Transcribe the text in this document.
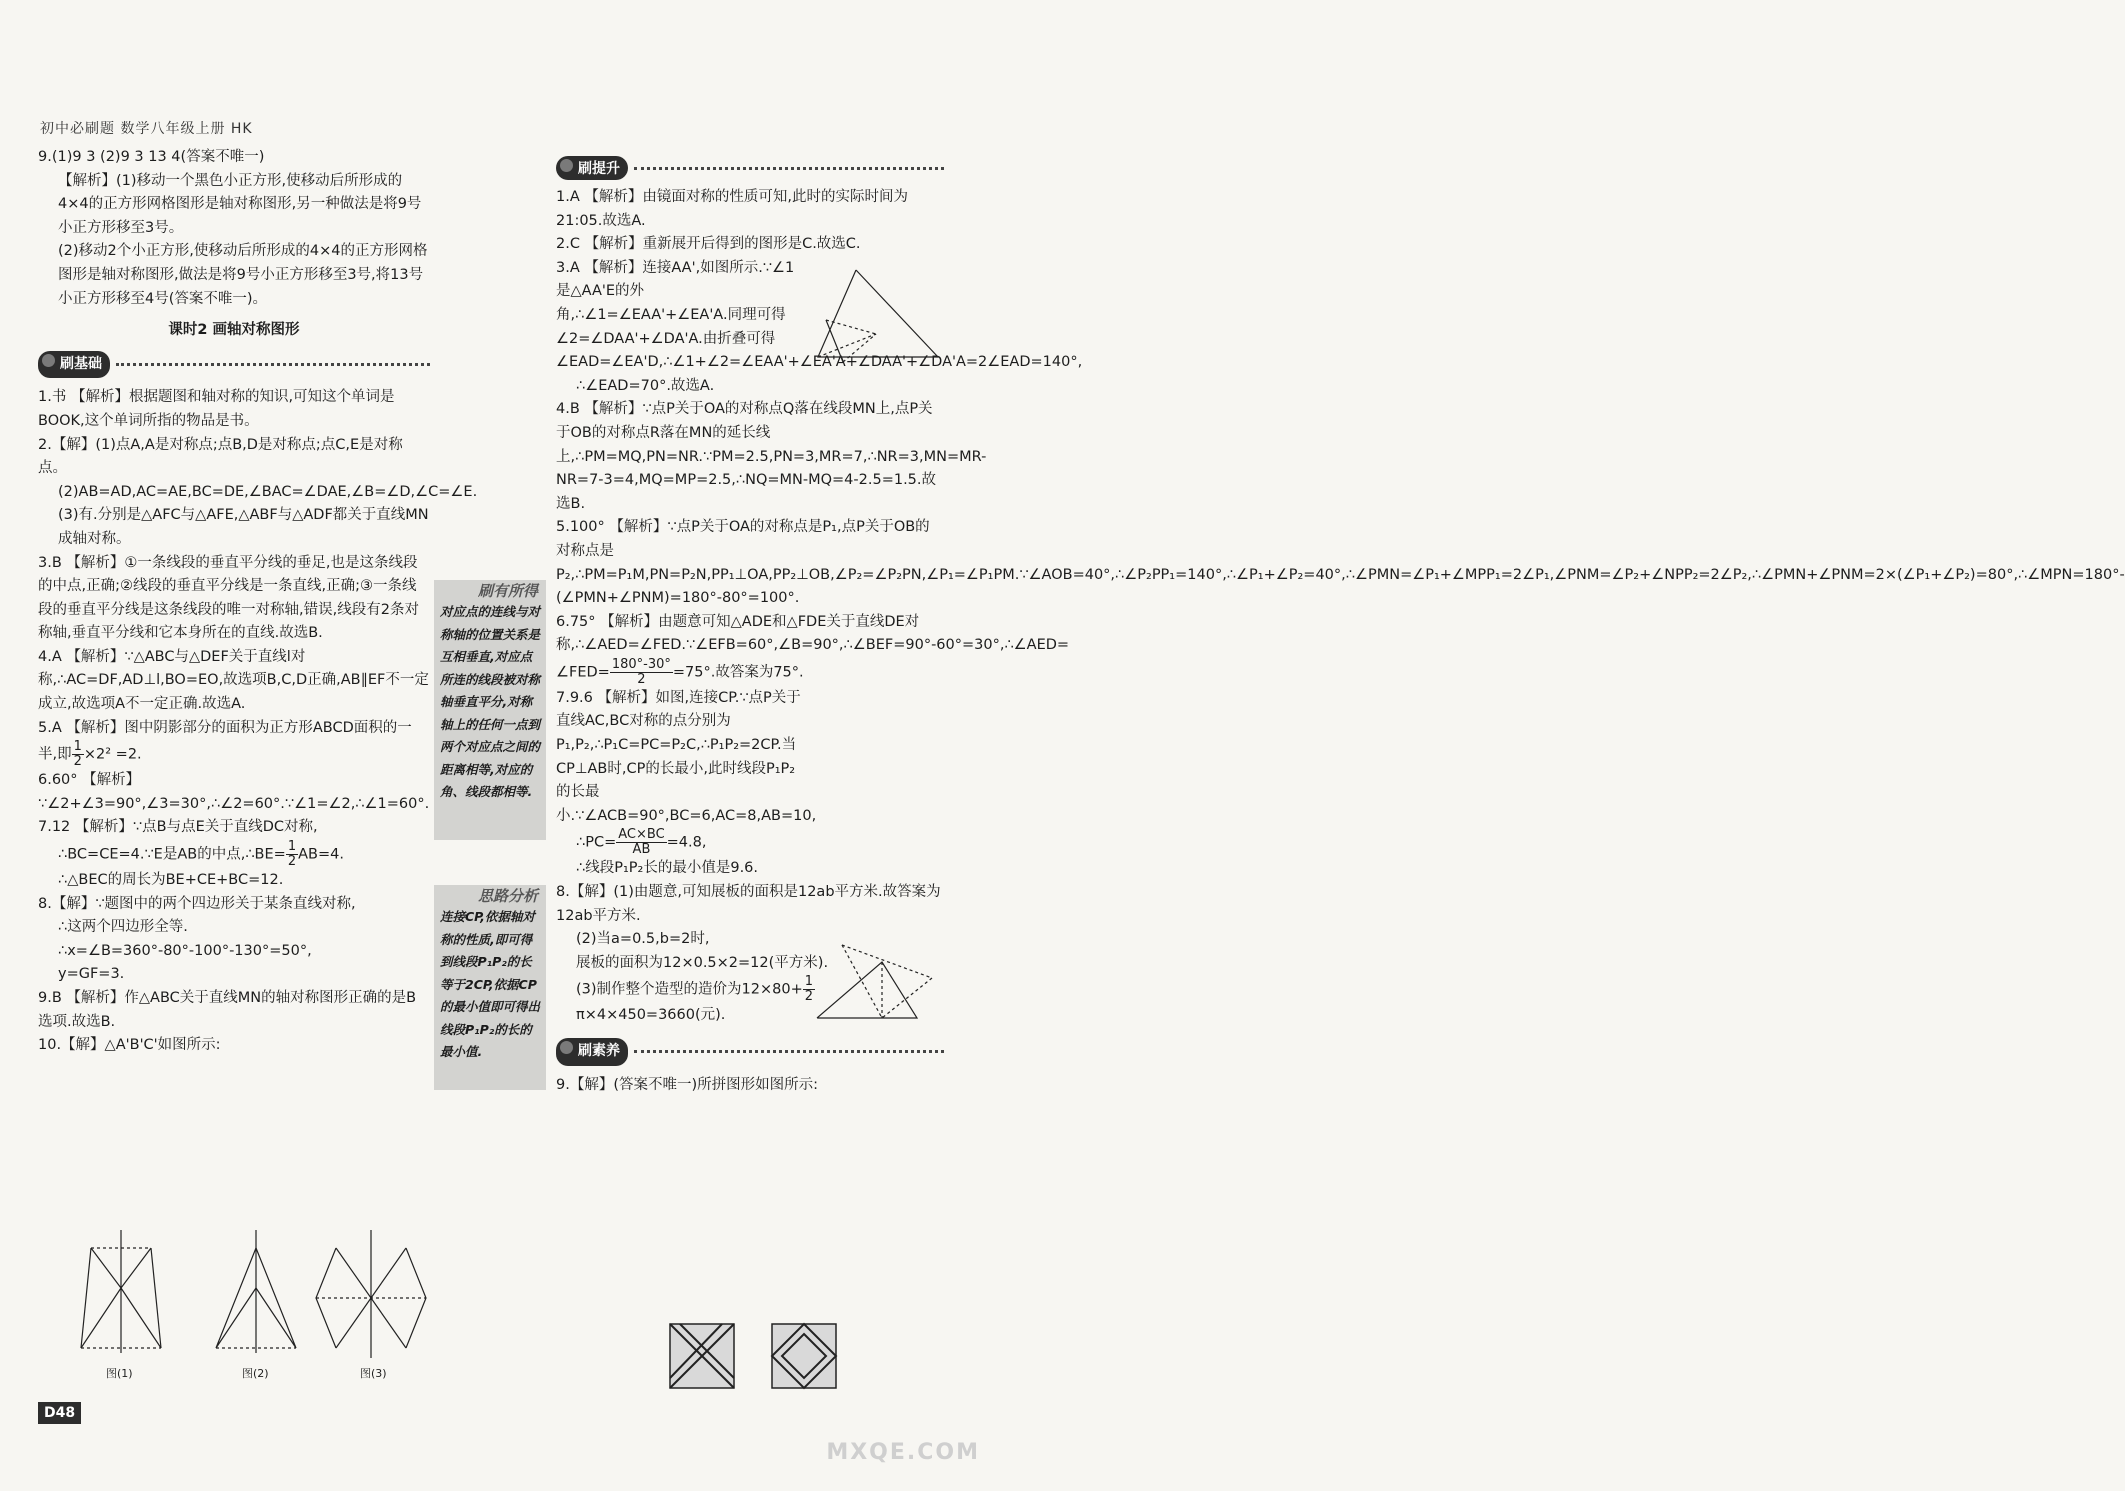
初中必刷题 数学八年级上册 HK

9.(1)9 3 (2)9 3 13 4(答案不唯一)

【解析】(1)移动一个黑色小正方形,使移动后所形成的4×4的正方形网格图形是轴对称图形,另一种做法是将9号小正方形移至3号。

(2)移动2个小正方形,使移动后所形成的4×4的正方形网格图形是轴对称图形,做法是将9号小正方形移至3号,将13号小正方形移至4号(答案不唯一)。

课时2 画轴对称图形

刷基础

1.书 【解析】根据题图和轴对称的知识,可知这个单词是BOOK,这个单词所指的物品是书。

2.【解】(1)点A,A是对称点;点B,D是对称点;点C,E是对称点。

(2)AB=AD,AC=AE,BC=DE,∠BAC=∠DAE,∠B=∠D,∠C=∠E.

(3)有.分别是△AFC与△AFE,△ABF与△ADF都关于直线MN成轴对称。

3.B 【解析】①一条线段的垂直平分线的垂足,也是这条线段的中点,正确;②线段的垂直平分线是一条直线,正确;③一条线段的垂直平分线是这条线段的唯一对称轴,错误,线段有2条对称轴,垂直平分线和它本身所在的直线.故选B.

4.A 【解析】∵△ABC与△DEF关于直线l对称,∴AC=DF,AD⊥l,BO=EO,故选项B,C,D正确,AB∥EF不一定成立,故选项A不一定正确.故选A.

5.A 【解析】图中阴影部分的面积为正方形ABCD面积的一半,即 $\frac{1}{2} \times 2^2 =2$.

6.60° 【解析】∵∠2+∠3=90°,∠3=30°,∴∠2=60°.∵∠1=∠2,∴∠1=60°.

7.12 【解析】∵点B与点E关于直线DC对称,

∴BC=CE=4.∵E是AB的中点,∴BE= $\frac{1}{2} AB=4$.

∴△BEC的周长为BE+CE+BC=12.

8.【解】∵题图中的两个四边形关于某条直线对称,

∴这两个四边形全等.

∴x=∠B=360°-80°-100°-130°=50°,

y=GF=3.

9.B 【解析】作△ABC关于直线MN的轴对称图形正确的是B选项.故选B.

10.【解】△A'B'C'如图所示:

图(1)	图(2)	图(3)
刷有所得
对应点的连线与对称轴的位置关系是互相垂直,对应点所连的线段被对称轴垂直平分,对称轴上的任何一点到两个对应点之间的距离相等,对应的角、线段都相等.
思路分析
连接CP,依据轴对称的性质,即可得到线段P₁P₂的长等于2CP,依据CP的最小值即可得出线段P₁P₂的长的最小值.
刷提升

1.A 【解析】由镜面对称的性质可知,此时的实际时间为21:05.故选A.

2.C 【解析】重新展开后得到的图形是C.故选C.

3.A 【解析】连接AA',如图所示.∵∠1是△AA'E的外角,∴∠1=∠EAA'+∠EA'A.同理可得∠2=∠DAA'+∠DA'A.由折叠可得∠EAD=∠EA'D,∴∠1+∠2=∠EAA'+∠EA'A+∠DAA'+∠DA'A=2∠EAD=140°,

∴∠EAD=70°.故选A.

4.B 【解析】∵点P关于OA的对称点Q落在线段MN上,点P关于OB的对称点R落在MN的延长线上,∴PM=MQ,PN=NR.∵PM=2.5,PN=3,MR=7,∴NR=3,MN=MR-NR=7-3=4,MQ=MP=2.5,∴NQ=MN-MQ=4-2.5=1.5.故选B.

5.100° 【解析】∵点P关于OA的对称点是P₁,点P关于OB的对称点是P₂,∴PM=P₁M,PN=P₂N,PP₁⊥OA,PP₂⊥OB,∠P₂=∠P₂PN,∠P₁=∠P₁PM.∵∠AOB=40°,∴∠P₂PP₁=140°,∴∠P₁+∠P₂=40°,∴∠PMN=∠P₁+∠MPP₁=2∠P₁,∠PNM=∠P₂+∠NPP₂=2∠P₂,∴∠PMN+∠PNM=2×(∠P₁+∠P₂)=80°,∴∠MPN=180°-(∠PMN+∠PNM)=180°-80°=100°.

6.75° 【解析】由题意可知△ADE和△FDE关于直线DE对称,∴∠AED=∠FED.∵∠EFB=60°,∠B=90°,∴∠BEF=90°-60°=30°,∴∠AED=

∠FED= $\frac{180^\circ-30^\circ}{2} =75^\circ$.故答案为75°.

7.9.6 【解析】如图,连接CP.∵点P关于直线AC,BC对称的点分别为P₁,P₂,∴P₁C=PC=P₂C,∴P₁P₂=2CP.当CP⊥AB时,CP的长最小,此时线段P₁P₂的长最小.∵∠ACB=90°,BC=6,AC=8,AB=10,

∴PC= $\frac{AC\times BC}{AB} =4.8$,

∴线段P₁P₂长的最小值是9.6.

8.【解】(1)由题意,可知展板的面积是12ab平方米.故答案为12ab平方米.

(2)当a=0.5,b=2时,

展板的面积为12×0.5×2=12(平方米).

(3)制作整个造型的造价为$12\times 80+ \frac{1}{2}$
π×4×450=3660(元).

刷素养

9.【解】(答案不唯一)所拼图形如图所示:

D48
MXQE.COM
